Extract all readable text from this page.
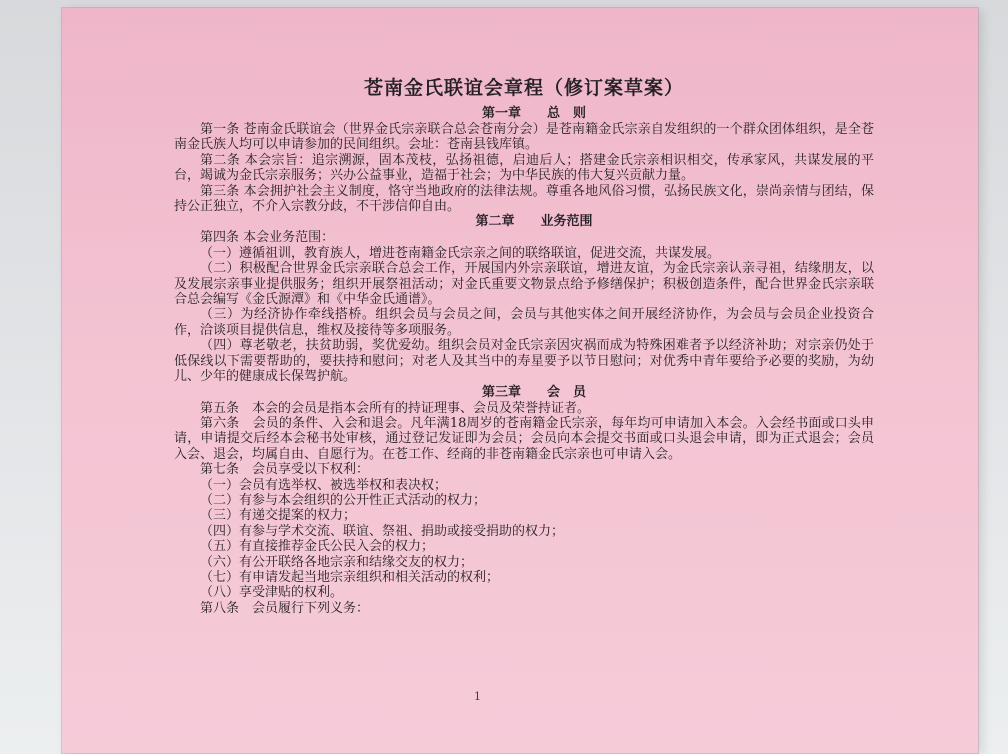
苍南金氏联谊会章程（修订案草案）

第一章　　总　则

第一条 苍南金氏联谊会（世界金氏宗亲联合总会苍南分会）是苍南籍金氏宗亲自发组织的一个群众团体组织，是全苍南金氏族人均可以申请参加的民间组织。会址：苍南县钱库镇。

第二条 本会宗旨：追宗溯源，固本茂枝，弘扬祖德，启迪后人；搭建金氏宗亲相识相交，传承家风，共谋发展的平台，竭诚为金氏宗亲服务；兴办公益事业，造福于社会；为中华民族的伟大复兴贡献力量。

第三条 本会拥护社会主义制度，恪守当地政府的法律法规。尊重各地风俗习惯，弘扬民族文化，崇尚亲情与团结，保持公正独立，不介入宗教分歧，不干涉信仰自由。

第二章　　业务范围

第四条 本会业务范围：

（一）遵循祖训，教育族人，增进苍南籍金氏宗亲之间的联络联谊，促进交流，共谋发展。

（二）积极配合世界金氏宗亲联合总会工作，开展国内外宗亲联谊，增进友谊，为金氏宗亲认亲寻祖，结缘朋友，以及发展宗亲事业提供服务；组织开展祭祖活动；对金氏重要文物景点给予修缮保护；积极创造条件，配合世界金氏宗亲联合总会编写《金氏源潭》和《中华金氏通谱》。

（三）为经济协作牵线搭桥。组织会员与会员之间，会员与其他实体之间开展经济协作，为会员与会员企业投资合作，洽谈项目提供信息，维权及接待等多项服务。

（四）尊老敬老，扶贫助弱，奖优爱幼。组织会员对金氏宗亲因灾祸而成为特殊困难者予以经济补助；对宗亲仍处于低保线以下需要帮助的，要扶持和慰问；对老人及其当中的寿星要予以节日慰问；对优秀中青年要给予必要的奖励，为幼儿、少年的健康成长保驾护航。

第三章　　会　员

第五条　本会的会员是指本会所有的持证理事、会员及荣誉持证者。

第六条　会员的条件、入会和退会。凡年满18周岁的苍南籍金氏宗亲，每年均可申请加入本会。入会经书面或口头申请，申请提交后经本会秘书处审核，通过登记发证即为会员；会员向本会提交书面或口头退会申请，即为正式退会；会员入会、退会，均属自由、自愿行为。在苍工作、经商的非苍南籍金氏宗亲也可申请入会。

第七条　会员享受以下权利：

（一）会员有选举权、被选举权和表决权；

（二）有参与本会组织的公开性正式活动的权力；

（三）有递交提案的权力；

（四）有参与学术交流、联谊、祭祖、捐助或接受捐助的权力；

（五）有直接推荐金氏公民入会的权力；

（六）有公开联络各地宗亲和结缘交友的权力；

（七）有申请发起当地宗亲组织和相关活动的权利；

（八）享受津贴的权利。

第八条　会员履行下列义务：

1
